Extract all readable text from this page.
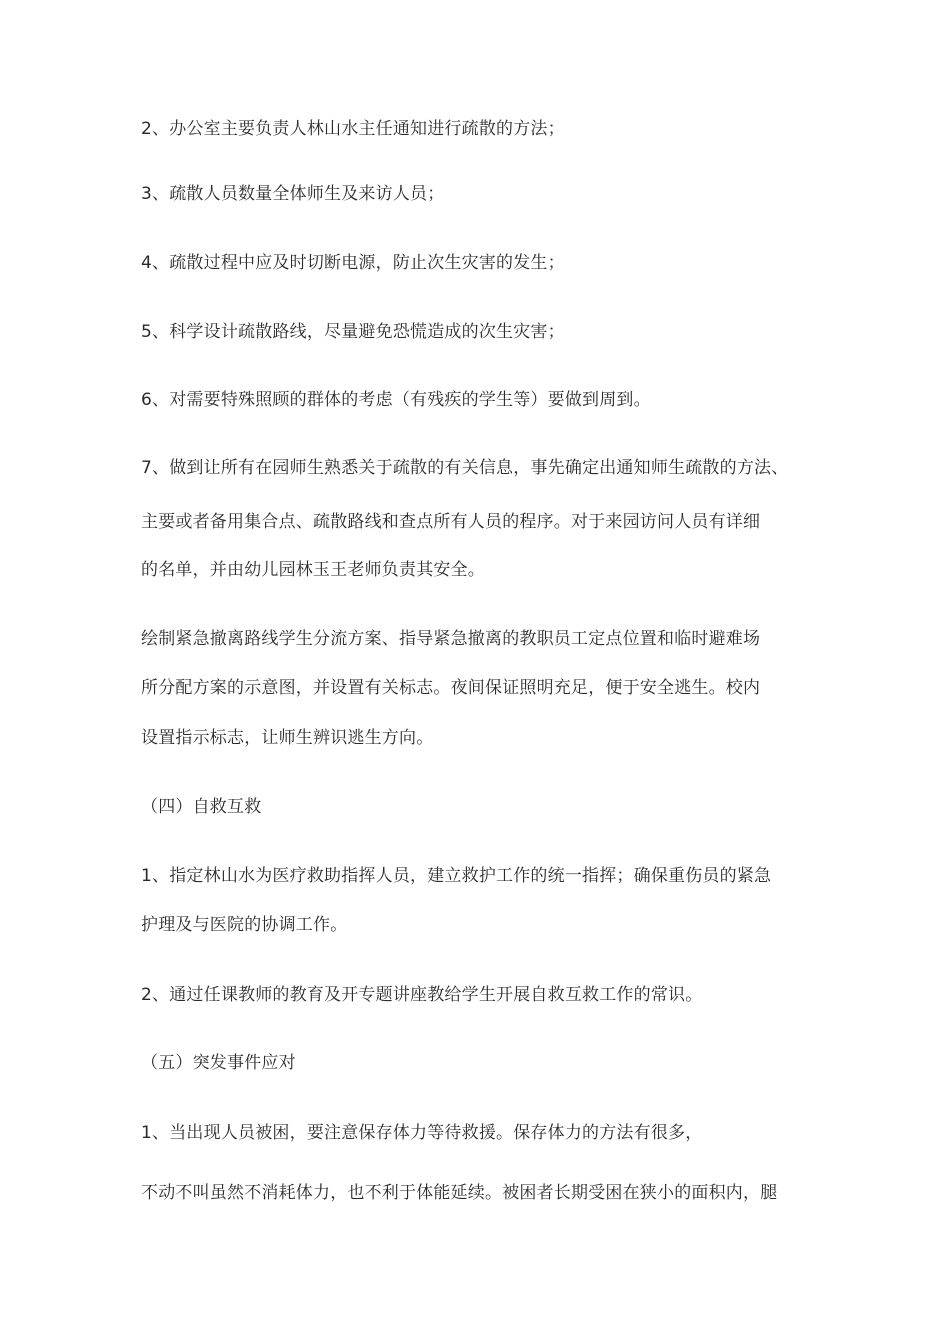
2、办公室主要负责人林山水主任通知进行疏散的方法；
3、疏散人员数量全体师生及来访人员；
4、疏散过程中应及时切断电源，防止次生灾害的发生；
5、科学设计疏散路线，尽量避免恐慌造成的次生灾害；
6、对需要特殊照顾的群体的考虑（有残疾的学生等）要做到周到。
7、做到让所有在园师生熟悉关于疏散的有关信息，事先确定出通知师生疏散的方法、
主要或者备用集合点、疏散路线和查点所有人员的程序。对于来园访问人员有详细
的名单，并由幼儿园林玉王老师负责其安全。
绘制紧急撤离路线学生分流方案、指导紧急撤离的教职员工定点位置和临时避难场
所分配方案的示意图，并设置有关标志。夜间保证照明充足，便于安全逃生。校内
设置指示标志，让师生辨识逃生方向。
（四）自救互救
1、指定林山水为医疗救助指挥人员，建立救护工作的统一指挥；确保重伤员的紧急
护理及与医院的协调工作。
2、通过任课教师的教育及开专题讲座教给学生开展自救互救工作的常识。
（五）突发事件应对
1、当出现人员被困，要注意保存体力等待救援。保存体力的方法有很多，
不动不叫虽然不消耗体力，也不利于体能延续。被困者长期受困在狭小的面积内，腿
